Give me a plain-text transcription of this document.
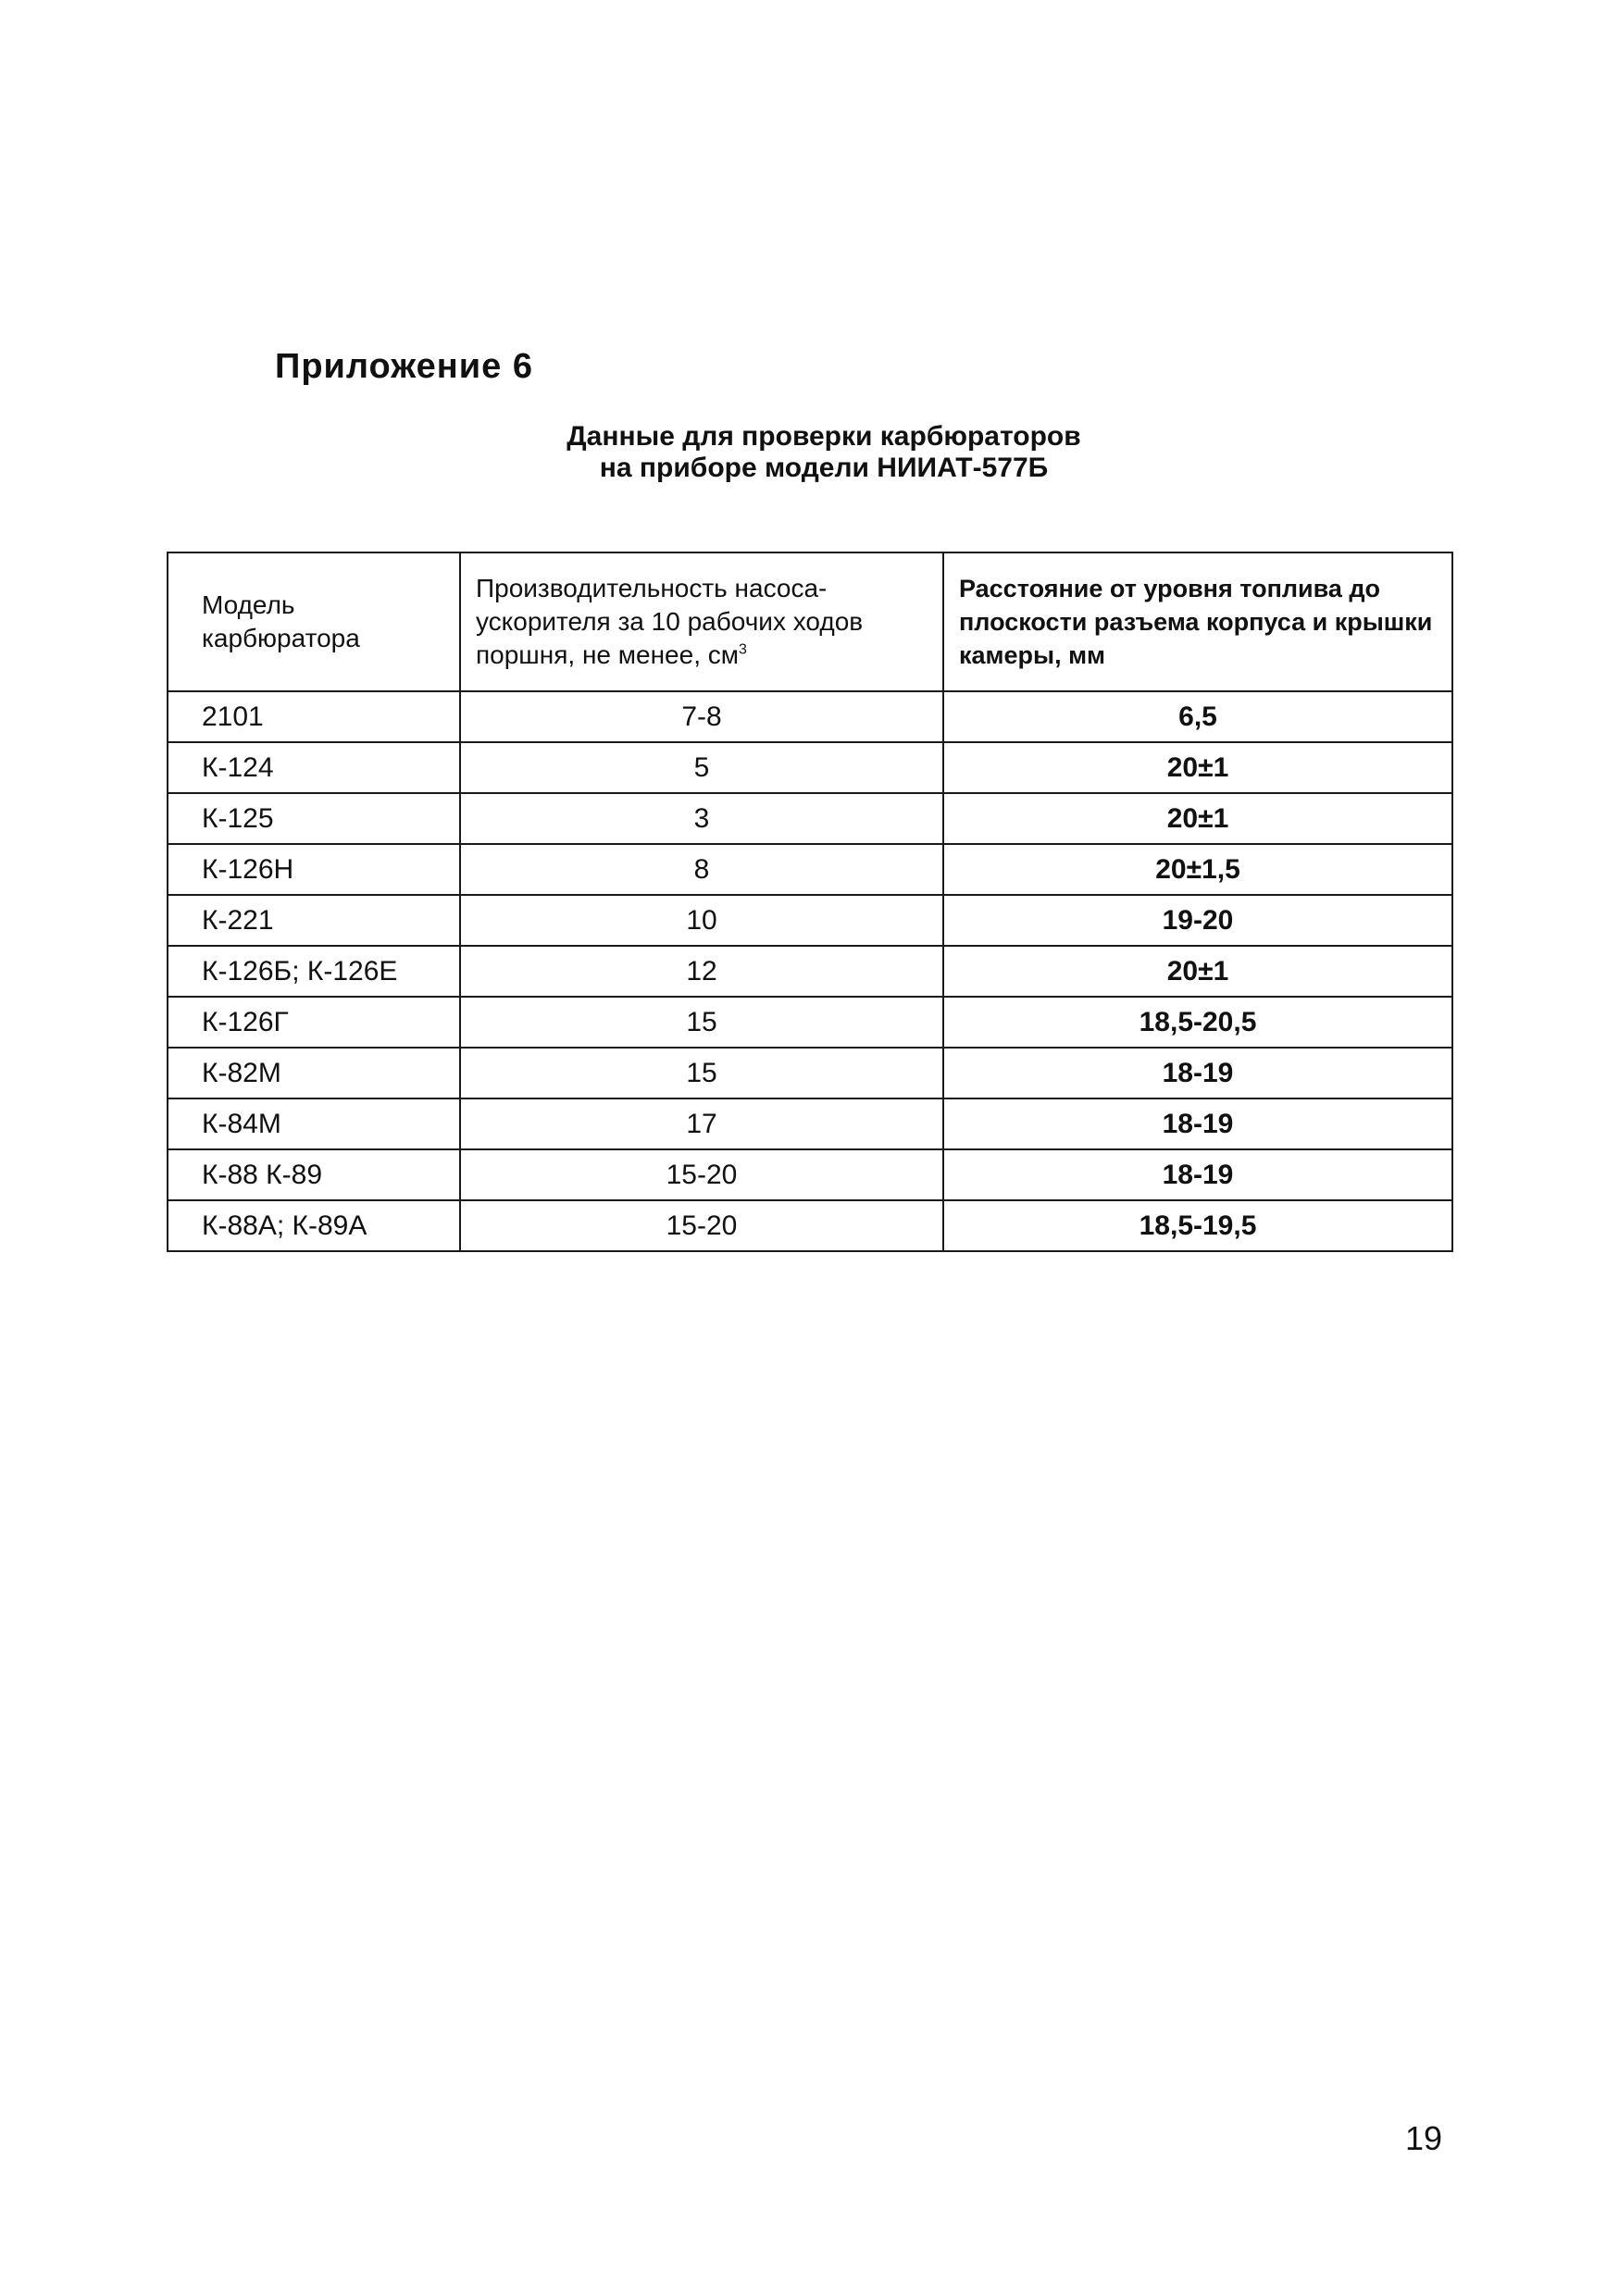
Приложение 6
Данные для проверки карбюраторов
на приборе модели НИИАТ-577Б
Модель карбюратора	Производительность насоса-ускорителя за 10 рабочих ходов поршня, не менее, $см^3$	Расстояние от уровня топлива до плоскости разъема корпуса и крышки камеры, мм
2101	7-8	6,5
К-124	5	20±1
К-125	3	20±1
К-126Н	8	20±1,5
К-221	10	19-20
К-126Б; К-126Е	12	20±1
К-126Г	15	18,5-20,5
К-82М	15	18-19
К-84М	17	18-19
К-88 К-89	15-20	18-19
К-88А; К-89А	15-20	18,5-19,5

19
